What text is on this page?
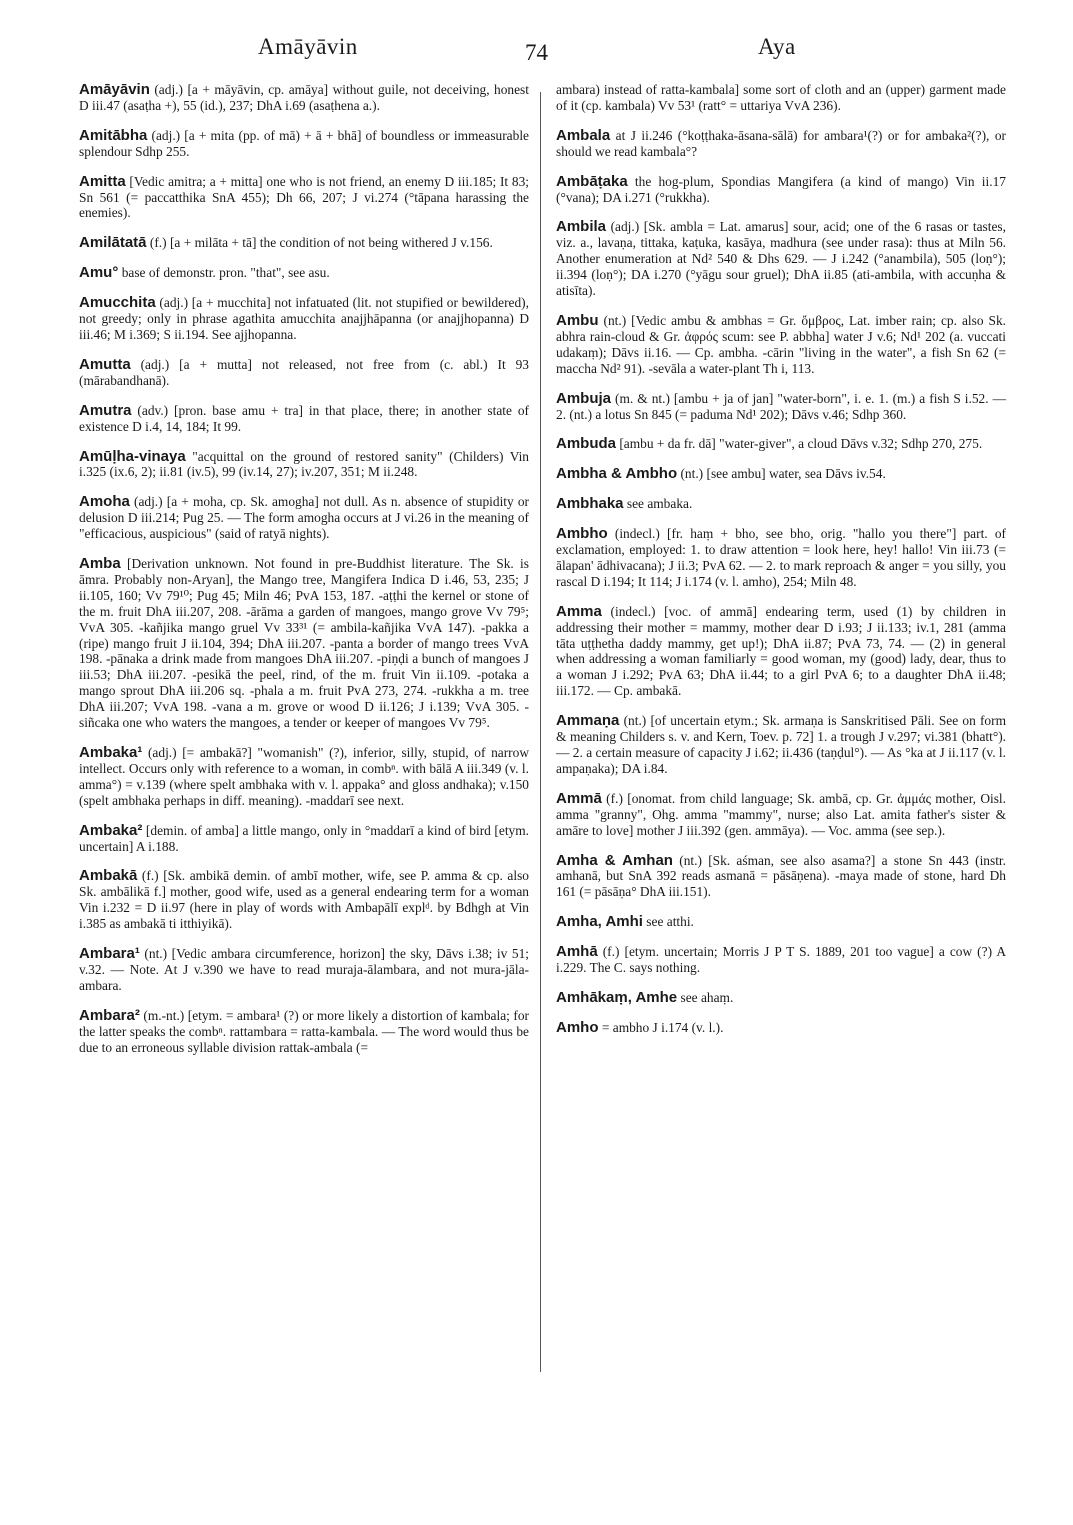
Amāyāvin	74	Aya

Amāyāvin (adj.) [a + māyāvin, cp. amāya] without guile, not deceiving, honest D iii.47 (asaṭha +), 55 (id.), 237; DhA i.69 (asaṭhena a.).

Amitābha (adj.) [a + mita (pp. of mā) + ā + bhā] of boundless or immeasurable splendour Sdhp 255.

Amitta [Vedic amitra; a + mitta] one who is not friend, an enemy D iii.185; It 83; Sn 561 (= paccatthika SnA 455); Dh 66, 207; J vi.274 (°tāpana harassing the enemies).

Amilātatā (f.) [a + milāta + tā] the condition of not being withered J v.156.

Amu° base of demonstr. pron. "that", see asu.

Amucchita (adj.) [a + mucchita] not infatuated (lit. not stupified or bewildered), not greedy; only in phrase agathita amucchita anajjhāpanna (or anajjhopanna) D iii.46; M i.369; S ii.194. See ajjhopanna.

Amutta (adj.) [a + mutta] not released, not free from (c. abl.) It 93 (mārabandhanā).

Amutra (adv.) [pron. base amu + tra] in that place, there; in another state of existence D i.4, 14, 184; It 99.

Amūḷha-vinaya "acquittal on the ground of restored sanity" (Childers) Vin i.325 (ix.6, 2); ii.81 (iv.5), 99 (iv.14, 27); iv.207, 351; M ii.248.

Amoha (adj.) [a + moha, cp. Sk. amogha] not dull. As n. absence of stupidity or delusion D iii.214; Pug 25. — The form amogha occurs at J vi.26 in the meaning of "efficacious, auspicious" (said of ratyā nights).

Amba [Derivation unknown. Not found in pre-Buddhist literature. The Sk. is āmra. Probably non-Aryan], the Mango tree, Mangifera Indica D i.46, 53, 235; J ii.105, 160; Vv 79¹⁰; Pug 45; Miln 46; PvA 153, 187. -aṭṭhi the kernel or stone of the m. fruit DhA iii.207, 208. -ārāma a garden of mangoes, mango grove Vv 79⁵; VvA 305. -kañjika mango gruel Vv 33³¹ (= ambila-kañjika VvA 147). -pakka a (ripe) mango fruit J ii.104, 394; DhA iii.207. -panta a border of mango trees VvA 198. -pānaka a drink made from mangoes DhA iii.207. -piṇḍi a bunch of mangoes J iii.53; DhA iii.207. -pesikā the peel, rind, of the m. fruit Vin ii.109. -potaka a mango sprout DhA iii.206 sq. -phala a m. fruit PvA 273, 274. -rukkha a m. tree DhA iii.207; VvA 198. -vana a m. grove or wood D ii.126; J i.139; VvA 305. -siñcaka one who waters the mangoes, a tender or keeper of mangoes Vv 79⁵.

Ambaka¹ (adj.) [= ambakā?] "womanish" (?), inferior, silly, stupid, of narrow intellect. Occurs only with reference to a woman, in combⁿ. with bālā A iii.349 (v. l. amma°) = v.139 (where spelt ambhaka with v. l. appaka° and gloss andhaka); v.150 (spelt ambhaka perhaps in diff. meaning). -maddarī see next.

Ambaka² [demin. of amba] a little mango, only in °maddarī a kind of bird [etym. uncertain] A i.188.

Ambakā (f.) [Sk. ambikā demin. of ambī mother, wife, see P. amma & cp. also Sk. ambālikā f.] mother, good wife, used as a general endearing term for a woman Vin i.232 = D ii.97 (here in play of words with Ambapālī explᵈ. by Bdhgh at Vin i.385 as ambakā ti itthiyikā).

Ambara¹ (nt.) [Vedic ambara circumference, horizon] the sky, Dāvs i.38; iv 51; v.32. — Note. At J v.390 we have to read muraja-ālambara, and not mura-jāla-ambara.

Ambara² (m.-nt.) [etym. = ambara¹ (?) or more likely a distortion of kambala; for the latter speaks the combⁿ. rattambara = ratta-kambala. — The word would thus be due to an erroneous syllable division rattak-ambala (=

ambara) instead of ratta-kambala] some sort of cloth and an (upper) garment made of it (cp. kambala) Vv 53¹ (ratt° = uttariya VvA 236).

Ambala at J ii.246 (°koṭṭhaka-āsana-sālā) for ambara¹(?) or for ambaka²(?), or should we read kambala°?

Ambāṭaka the hog-plum, Spondias Mangifera (a kind of mango) Vin ii.17 (°vana); DA i.271 (°rukkha).

Ambila (adj.) [Sk. ambla = Lat. amarus] sour, acid; one of the 6 rasas or tastes, viz. a., lavaṇa, tittaka, kaṭuka, kasāya, madhura (see under rasa): thus at Miln 56. Another enumeration at Nd² 540 & Dhs 629. — J i.242 (°anambila), 505 (loṇ°); ii.394 (loṇ°); DA i.270 (°yāgu sour gruel); DhA ii.85 (ati-ambila, with accuṇha & atisīta).

Ambu (nt.) [Vedic ambu & ambhas = Gr. ὄμβρος, Lat. imber rain; cp. also Sk. abhra rain-cloud & Gr. ἀφρός scum: see P. abbha] water J v.6; Nd¹ 202 (a. vuccati udakaṃ); Dāvs ii.16. — Cp. ambha. -cārin "living in the water", a fish Sn 62 (= maccha Nd² 91). -sevāla a water-plant Th i, 113.

Ambuja (m. & nt.) [ambu + ja of jan] "water-born", i. e. 1. (m.) a fish S i.52. — 2. (nt.) a lotus Sn 845 (= paduma Nd¹ 202); Dāvs v.46; Sdhp 360.

Ambuda [ambu + da fr. dā] "water-giver", a cloud Dāvs v.32; Sdhp 270, 275.

Ambha & Ambho (nt.) [see ambu] water, sea Dāvs iv.54.

Ambhaka see ambaka.

Ambho (indecl.) [fr. haṃ + bho, see bho, orig. "hallo you there"] part. of exclamation, employed: 1. to draw attention = look here, hey! hallo! Vin iii.73 (= ālapan' ādhivacana); J ii.3; PvA 62. — 2. to mark reproach & anger = you silly, you rascal D i.194; It 114; J i.174 (v. l. amho), 254; Miln 48.

Amma (indecl.) [voc. of ammā] endearing term, used (1) by children in addressing their mother = mammy, mother dear D i.93; J ii.133; iv.1, 281 (amma tāta uṭṭhetha daddy mammy, get up!); DhA ii.87; PvA 73, 74. — (2) in general when addressing a woman familiarly = good woman, my (good) lady, dear, thus to a woman J i.292; PvA 63; DhA ii.44; to a girl PvA 6; to a daughter DhA ii.48; iii.172. — Cp. ambakā.

Ammaṇa (nt.) [of uncertain etym.; Sk. armaṇa is Sanskritised Pāli. See on form & meaning Childers s. v. and Kern, Toev. p. 72] 1. a trough J v.297; vi.381 (bhatt°). — 2. a certain measure of capacity J i.62; ii.436 (taṇḍul°). — As °ka at J ii.117 (v. l. ampaṇaka); DA i.84.

Ammā (f.) [onomat. from child language; Sk. ambā, cp. Gr. ἀμμάς mother, Oisl. amma "granny", Ohg. amma "mammy", nurse; also Lat. amita father's sister & amāre to love] mother J iii.392 (gen. ammāya). — Voc. amma (see sep.).

Amha & Amhan (nt.) [Sk. aśman, see also asama?] a stone Sn 443 (instr. amhanā, but SnA 392 reads asmanā = pāsāṇena). -maya made of stone, hard Dh 161 (= pāsāṇa° DhA iii.151).

Amha, Amhi see atthi.

Amhā (f.) [etym. uncertain; Morris J P T S. 1889, 201 too vague] a cow (?) A i.229. The C. says nothing.

Amhākaṃ, Amhe see ahaṃ.

Amho = ambho J i.174 (v. l.).
